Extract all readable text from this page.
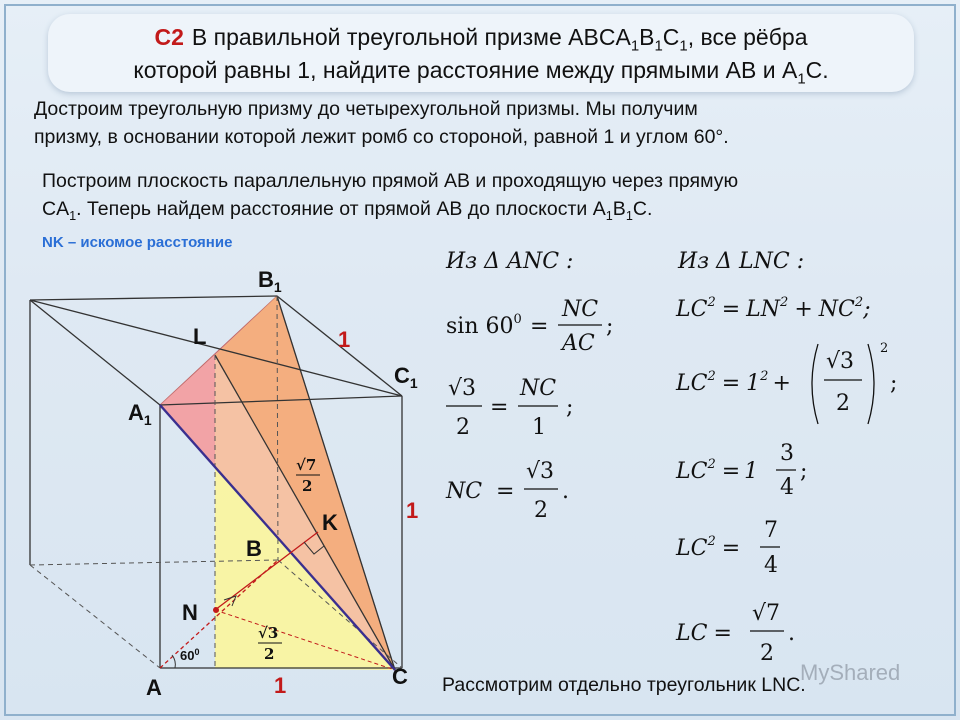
C2 В правильной треугольной призме $ABCA_1B_1C_1$, все рёбра
которой равны 1, найдите расстояние между прямыми AB и $A_1C$.
Достроим треугольную призму до четырехугольной призмы. Мы получим
призму, в основании которой лежит ромб со стороной, равной 1 и углом 60°.
Построим плоскость параллельную прямой AB и проходящую через прямую
$CA_1$. Теперь найдем расстояние от прямой AB до плоскости $A_1B_1C$.
NK – искомое расстояние
$B_1$
L
$C_1$
$A_1$
K
B
N
A	C
1
1
1
$60^0$
√7
2
√3
2
Из Δ ANC :
$\sin 60^0$ =
NC
AC
;
√3
2
=
NC
1
;
NC =
√3
2
.
Из Δ LNC :
$LC^2 = LN^2 + NC^2$;
$LC^2 = 1^2$ +
√3
2
2
;
$LC^2 = 1$
3
4
;
$LC^2$ =
7
4
LC =
√7
2
.
Рассмотрим отдельно треугольник LNC.
MyShared
